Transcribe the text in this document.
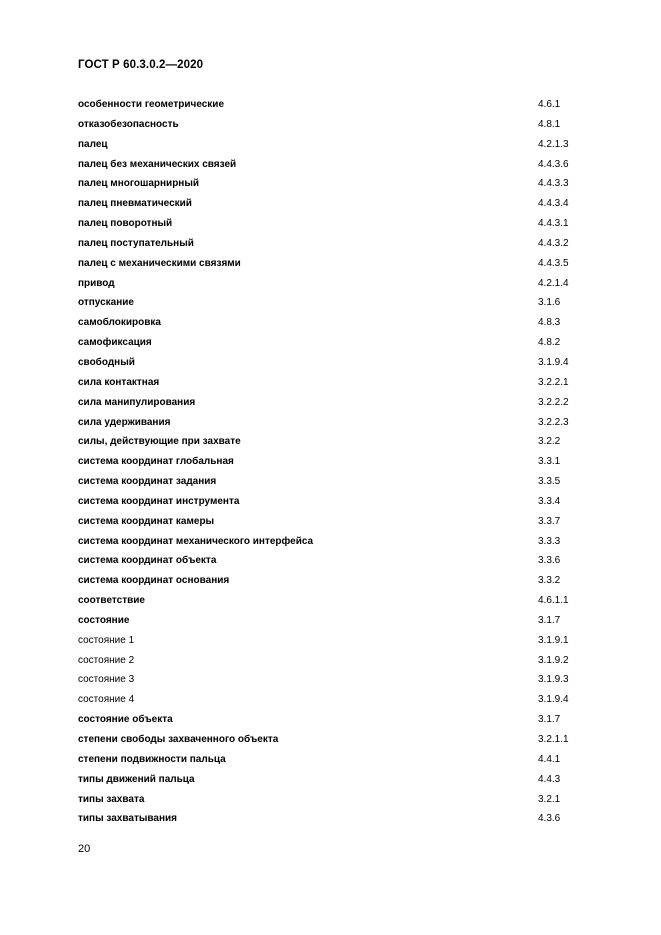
ГОСТ Р 60.3.0.2—2020
особенности геометрические	4.6.1
отказобезопасность	4.8.1
палец	4.2.1.3
палец без механических связей	4.4.3.6
палец многошарнирный	4.4.3.3
палец пневматический	4.4.3.4
палец поворотный	4.4.3.1
палец поступательный	4.4.3.2
палец с механическими связями	4.4.3.5
привод	4.2.1.4
отпускание	3.1.6
самоблокировка	4.8.3
самофиксация	4.8.2
свободный	3.1.9.4
сила контактная	3.2.2.1
сила манипулирования	3.2.2.2
сила удерживания	3.2.2.3
силы, действующие при захвате	3.2.2
система координат глобальная	3.3.1
система координат задания	3.3.5
система координат инструмента	3.3.4
система координат камеры	3.3.7
система координат механического интерфейса	3.3.3
система координат объекта	3.3.6
система координат основания	3.3.2
соответствие	4.6.1.1
состояние	3.1.7
состояние 1	3.1.9.1
состояние 2	3.1.9.2
состояние 3	3.1.9.3
состояние 4	3.1.9.4
состояние объекта	3.1.7
степени свободы захваченного объекта	3.2.1.1
степени подвижности пальца	4.4.1
типы движений пальца	4.4.3
типы захвата	3.2.1
типы захватывания	4.3.6
20
